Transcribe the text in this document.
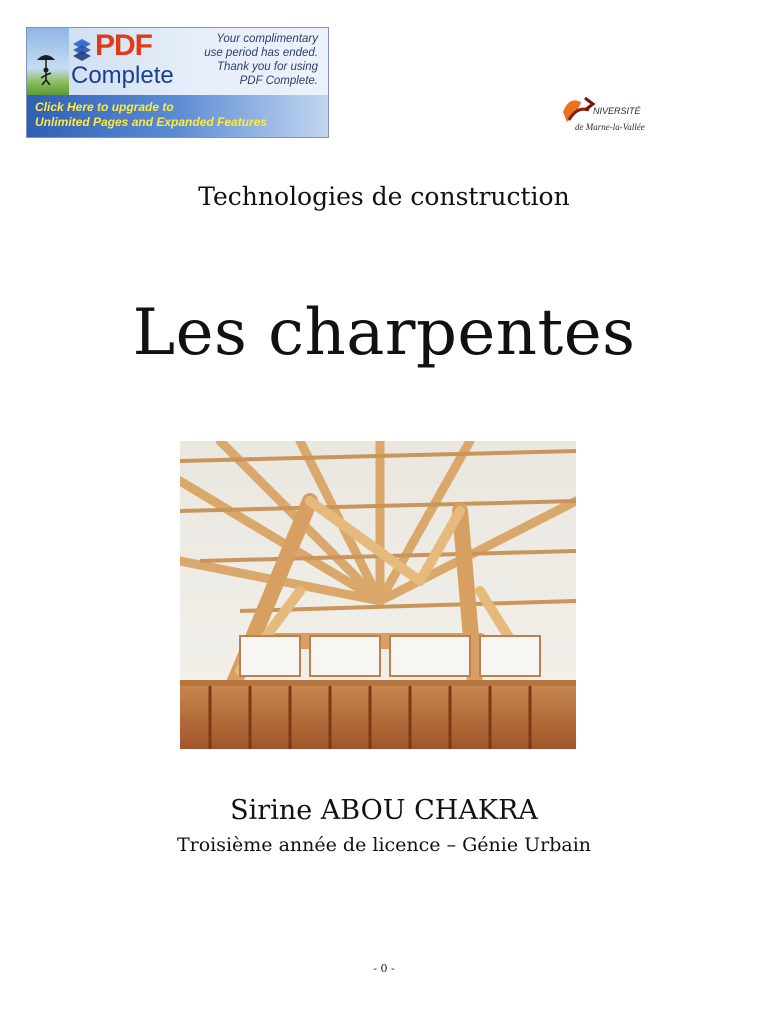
PDF
Complete
Your complimentary
use period has ended.
Thank you for using
PDF Complete.
Click Here to upgrade to
Unlimited Pages and Expanded Features
NIVERSITÉ
de Marne-la-Vallée
Technologies de construction
Les charpentes
Sirine ABOU CHAKRA
Troisième année de licence – Génie Urbain
- 0 -
